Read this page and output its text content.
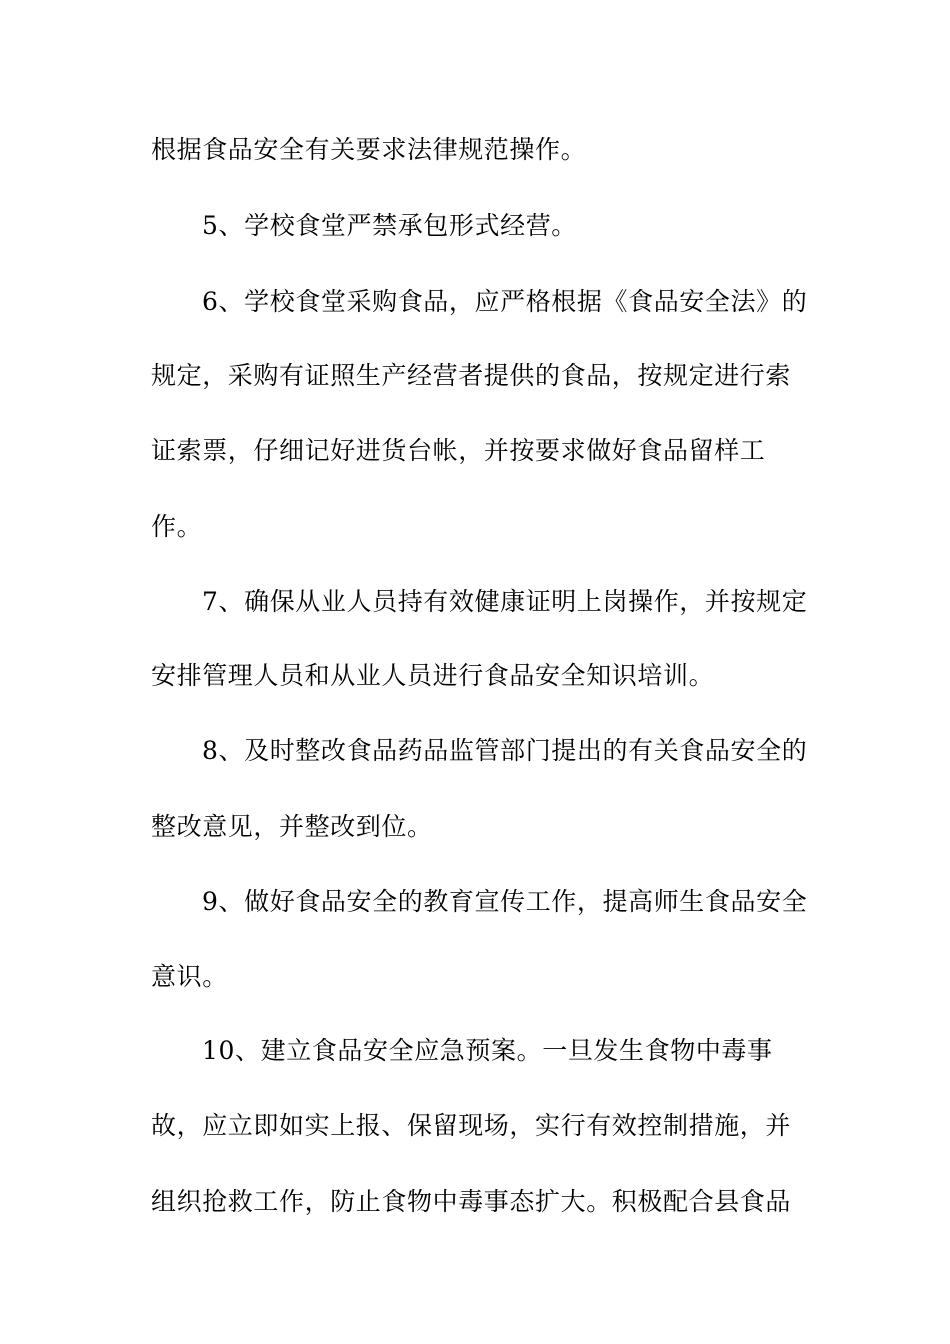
根据食品安全有关要求法律规范操作。
5、学校食堂严禁承包形式经营。
6、学校食堂采购食品，应严格根据《食品安全法》的
规定，采购有证照生产经营者提供的食品，按规定进行索
证索票，仔细记好进货台帐，并按要求做好食品留样工
作。
7、确保从业人员持有效健康证明上岗操作，并按规定
安排管理人员和从业人员进行食品安全知识培训。
8、及时整改食品药品监管部门提出的有关食品安全的
整改意见，并整改到位。
9、做好食品安全的教育宣传工作，提高师生食品安全
意识。
10、建立食品安全应急预案。一旦发生食物中毒事
故，应立即如实上报、保留现场，实行有效控制措施，并
组织抢救工作，防止食物中毒事态扩大。积极配合县食品
